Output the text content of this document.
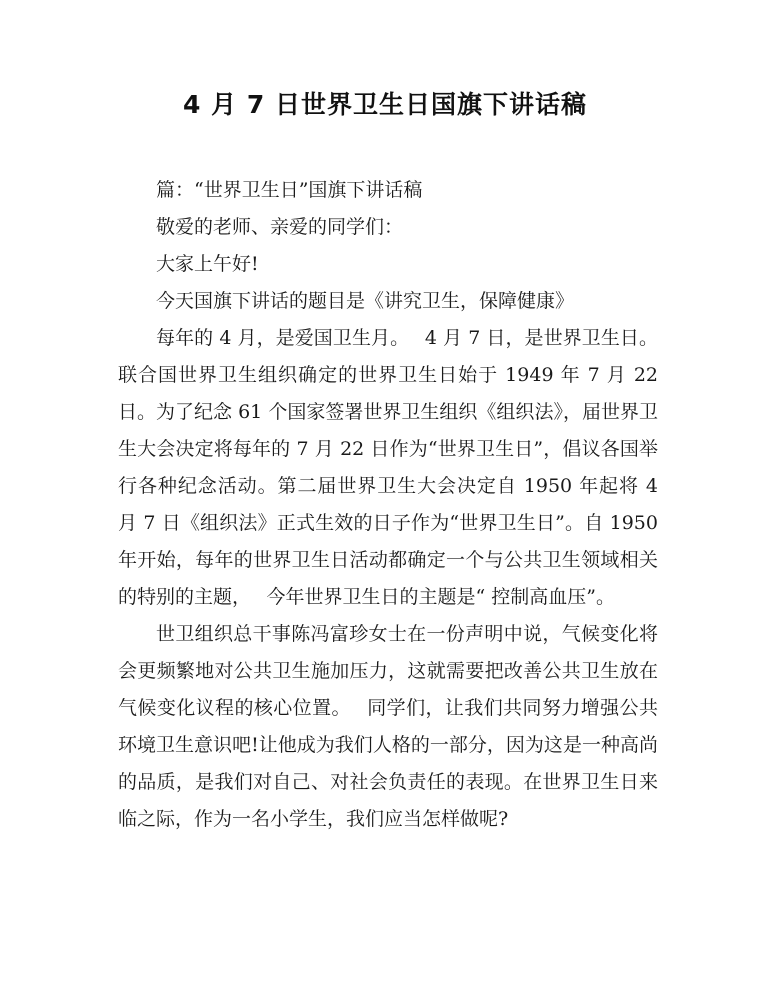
4 月 7 日世界卫生日国旗下讲话稿

篇：“世界卫生日”国旗下讲话稿

敬爱的老师、亲爱的同学们：

大家上午好!

今天国旗下讲话的题目是《讲究卫生，保障健康》

每年的 4 月，是爱国卫生月。　 4 月 7 日，是世界卫生日。联合国世界卫生组织确定的世界卫生日始于 1949 年 7 月 22 日。为了纪念 61 个国家签署世界卫生组织《组织法》，届世界卫生大会决定将每年的 7 月 22 日作为“世界卫生日”，倡议各国举行各种纪念活动。第二届世界卫生大会决定自 1950 年起将 4 月 7 日《组织法》正式生效的日子作为“世界卫生日”。自 1950 年开始，每年的世界卫生日活动都确定一个与公共卫生领域相关的特别的主题，　 今年世界卫生日的主题是“ 控制高血压”。

世卫组织总干事陈冯富珍女士在一份声明中说，气候变化将会更频繁地对公共卫生施加压力，这就需要把改善公共卫生放在气候变化议程的核心位置。　 同学们，让我们共同努力增强公共环境卫生意识吧!让他成为我们人格的一部分，因为这是一种高尚的品质，是我们对自己、对社会负责任的表现。在世界卫生日来临之际，作为一名小学生，我们应当怎样做呢?
